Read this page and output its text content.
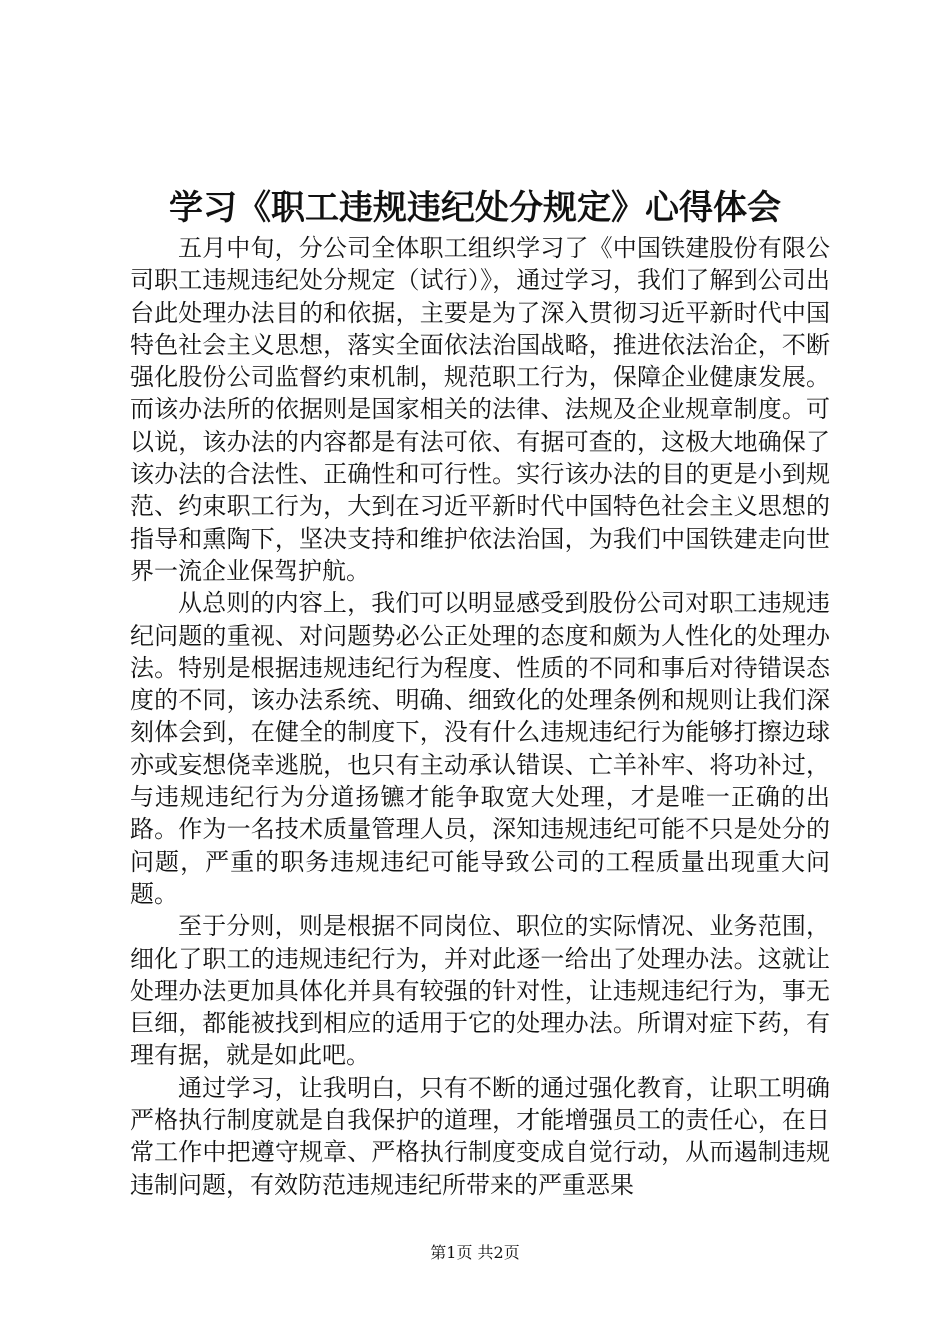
学习《职工违规违纪处分规定》心得体会

五月中旬，分公司全体职工组织学习了《中国铁建股份有限公司职工违规违纪处分规定（试行）》，通过学习，我们了解到公司出台此处理办法目的和依据，主要是为了深入贯彻习近平新时代中国特色社会主义思想，落实全面依法治国战略，推进依法治企，不断强化股份公司监督约束机制，规范职工行为，保障企业健康发展。而该办法所的依据则是国家相关的法律、法规及企业规章制度。可以说，该办法的内容都是有法可依、有据可查的，这极大地确保了该办法的合法性、正确性和可行性。实行该办法的目的更是小到规范、约束职工行为，大到在习近平新时代中国特色社会主义思想的指导和熏陶下，坚决支持和维护依法治国，为我们中国铁建走向世界一流企业保驾护航。

从总则的内容上，我们可以明显感受到股份公司对职工违规违纪问题的重视、对问题势必公正处理的态度和颇为人性化的处理办法。特别是根据违规违纪行为程度、性质的不同和事后对待错误态度的不同，该办法系统、明确、细致化的处理条例和规则让我们深刻体会到，在健全的制度下，没有什么违规违纪行为能够打擦边球亦或妄想侥幸逃脱，也只有主动承认错误、亡羊补牢、将功补过，与违规违纪行为分道扬镳才能争取宽大处理，才是唯一正确的出路。作为一名技术质量管理人员，深知违规违纪可能不只是处分的问题，严重的职务违规违纪可能导致公司的工程质量出现重大问题。

至于分则，则是根据不同岗位、职位的实际情况、业务范围，细化了职工的违规违纪行为，并对此逐一给出了处理办法。这就让处理办法更加具体化并具有较强的针对性，让违规违纪行为，事无巨细，都能被找到相应的适用于它的处理办法。所谓对症下药，有理有据，就是如此吧。

通过学习，让我明白，只有不断的通过强化教育，让职工明确严格执行制度就是自我保护的道理，才能增强员工的责任心，在日常工作中把遵守规章、严格执行制度变成自觉行动，从而遏制违规违制问题，有效防范违规违纪所带来的严重恶果

第1页 共2页
